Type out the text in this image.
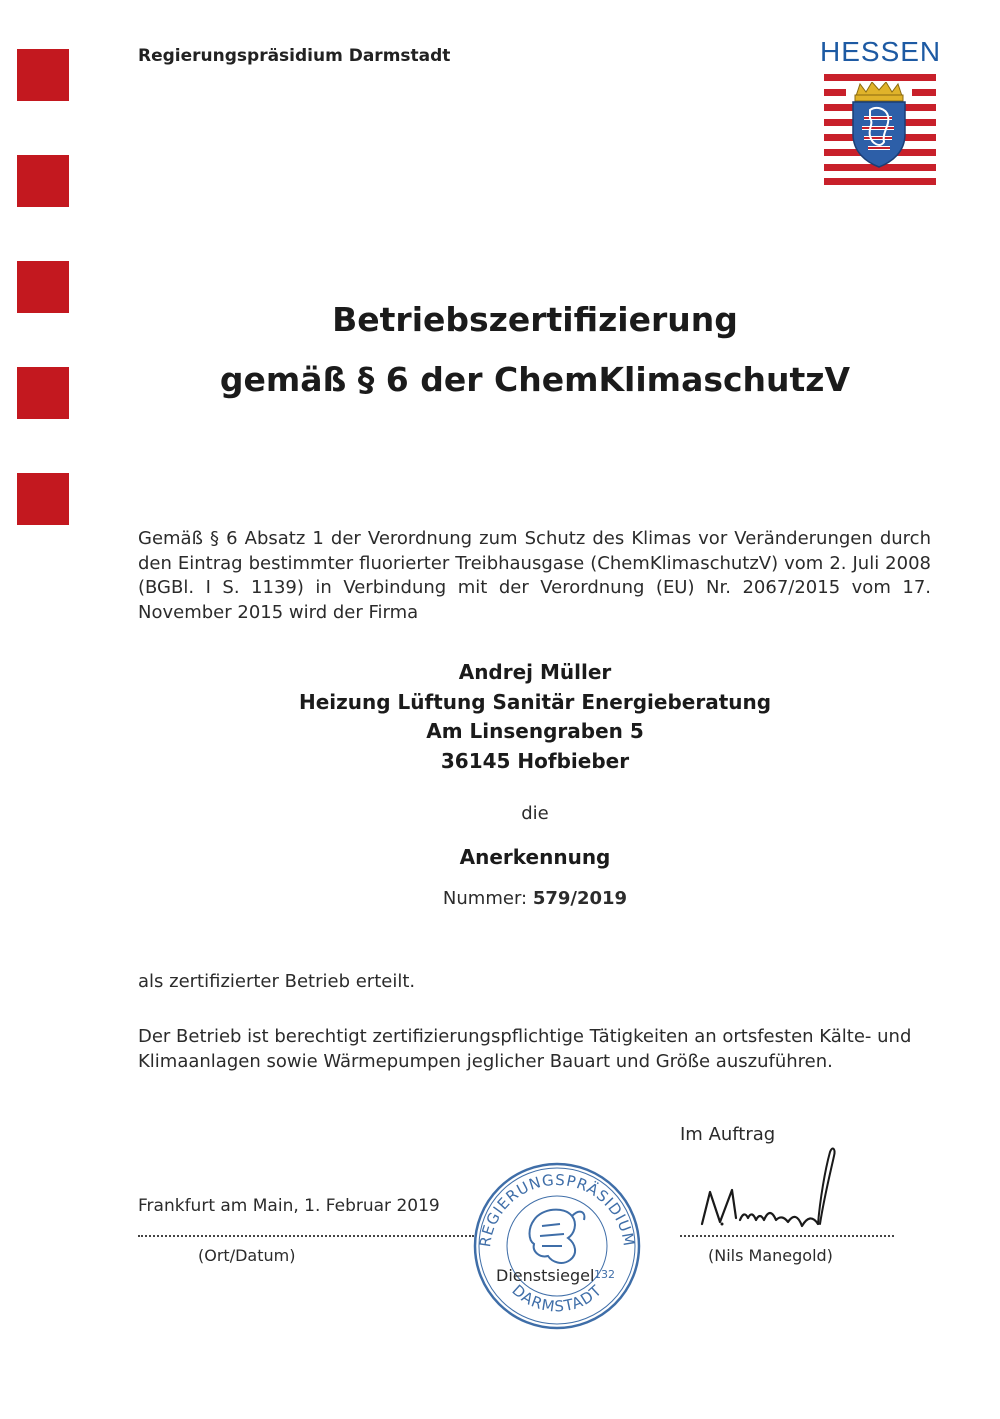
Regierungspräsidium Darmstadt	HESSEN
Betriebszertifizierung
gemäß § 6 der ChemKlimaschutzV
Gemäß § 6 Absatz 1 der Verordnung zum Schutz des Klimas vor Veränderungen durch den Eintrag bestimmter fluorierter Treibhausgase (ChemKlimaschutzV) vom 2. Juli 2008 (BGBl. I S. 1139) in Verbindung mit der Verordnung (EU) Nr. 2067/2015 vom 17. November 2015 wird der Firma
Andrej Müller
Heizung Lüftung Sanitär Energieberatung
Am Linsengraben 5
36145 Hofbieber
die
Anerkennung
Nummer: 579/2019
als zertifizierter Betrieb erteilt.
Der Betrieb ist berechtigt zertifizierungspflichtige Tätigkeiten an ortsfesten Kälte- und Klimaanlagen sowie Wärmepumpen jeglicher Bauart und Größe auszuführen.
Im Auftrag
Frankfurt am Main, 1. Februar 2019
(Ort/Datum)	(Nils Manegold)
REGIERUNGSPRÄSIDIUM
DARMSTADT
132
Dienstsiegel
